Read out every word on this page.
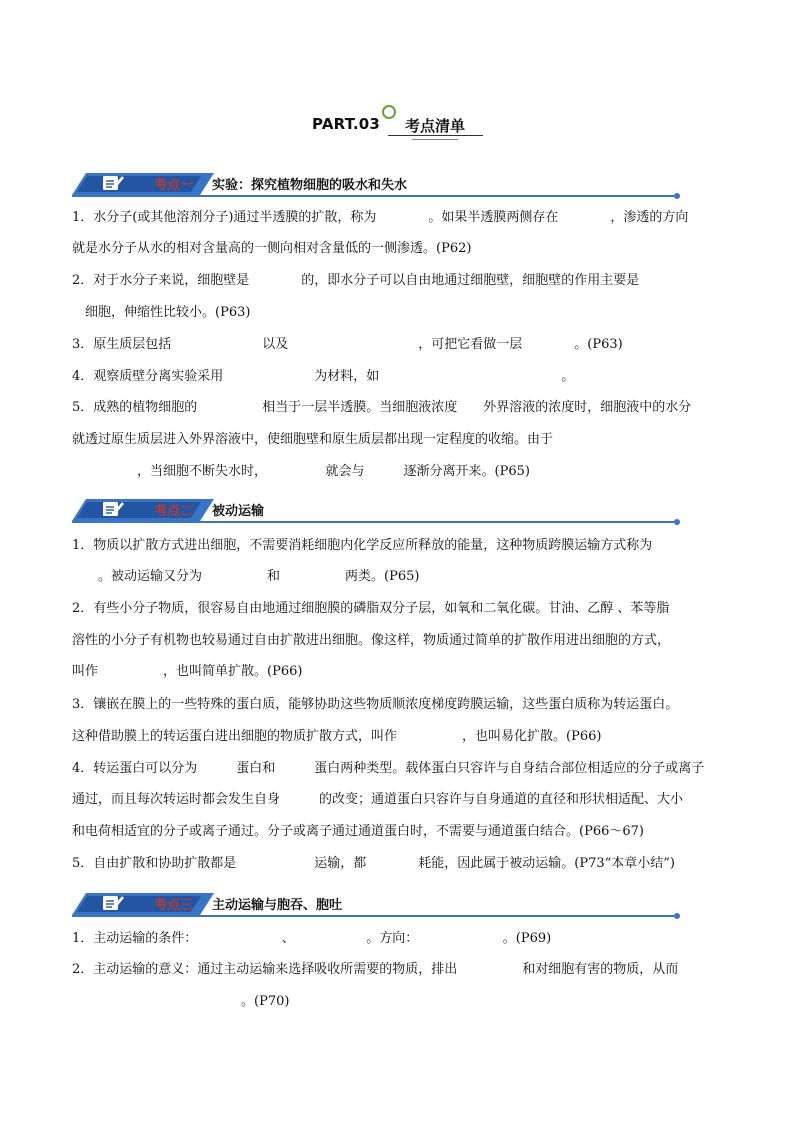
PART.03 考点清单
考点一 实验：探究植物细胞的吸水和失水
1．水分子(或其他溶剂分子)通过半透膜的扩散，称为　　　　。如果半透膜两侧存在　　　　，渗透的方向
就是水分子从水的相对含量高的一侧向相对含量低的一侧渗透。(P62)
2．对于水分子来说，细胞壁是　　　　的，即水分子可以自由地通过细胞壁，细胞壁的作用主要是
　细胞，伸缩性比较小。(P63)
3．原生质层包括　　　　　　　以及　　　　　　　　　　，可把它看做一层　　　　。(P63)
4．观察质壁分离实验采用　　　　　　　为材料，如　　　　　　　　　　　　　　。
5．成熟的植物细胞的　　　　　相当于一层半透膜。当细胞液浓度　　外界溶液的浓度时，细胞液中的水分
就透过原生质层进入外界溶液中，使细胞壁和原生质层都出现一定程度的收缩。由于
　　　　　，当细胞不断失水时，　　　　　就会与　　　逐渐分离开来。(P65)
考点二 被动运输
1．物质以扩散方式进出细胞，不需要消耗细胞内化学反应所释放的能量，这种物质跨膜运输方式称为
　　。被动运输又分为　　　　　和　　　　　两类。(P65)
2．有些小分子物质，很容易自由地通过细胞膜的磷脂双分子层，如氧和二氧化碳。甘油、乙醇 、苯等脂
溶性的小分子有机物也较易通过自由扩散进出细胞。像这样，物质通过简单的扩散作用进出细胞的方式，
叫作　　　　　，也叫简单扩散。(P66)
3．镶嵌在膜上的一些特殊的蛋白质，能够协助这些物质顺浓度梯度跨膜运输，这些蛋白质称为转运蛋白。
这种借助膜上的转运蛋白进出细胞的物质扩散方式，叫作　　　　　，也叫易化扩散。(P66)
4．转运蛋白可以分为　　　蛋白和　　　蛋白两种类型。载体蛋白只容许与自身结合部位相适应的分子或离子
通过，而且每次转运时都会发生自身　　　的改变；通道蛋白只容许与自身通道的直径和形状相适配、大小
和电荷相适宜的分子或离子通过。分子或离子通过通道蛋白时，不需要与通道蛋白结合。(P66～67)
5．自由扩散和协助扩散都是　　　　　　运输，都　　　　耗能，因此属于被动运输。(P73“本章小结”)
考点三 主动运输与胞吞、胞吐
1．主动运输的条件：　　　　　　　、　　　　　　。方向：　　　　　　　。(P69)
2．主动运输的意义：通过主动运输来选择吸收所需要的物质，排出　　　　　和对细胞有害的物质，从而
　　　　　　　　　　　　　。(P70)
